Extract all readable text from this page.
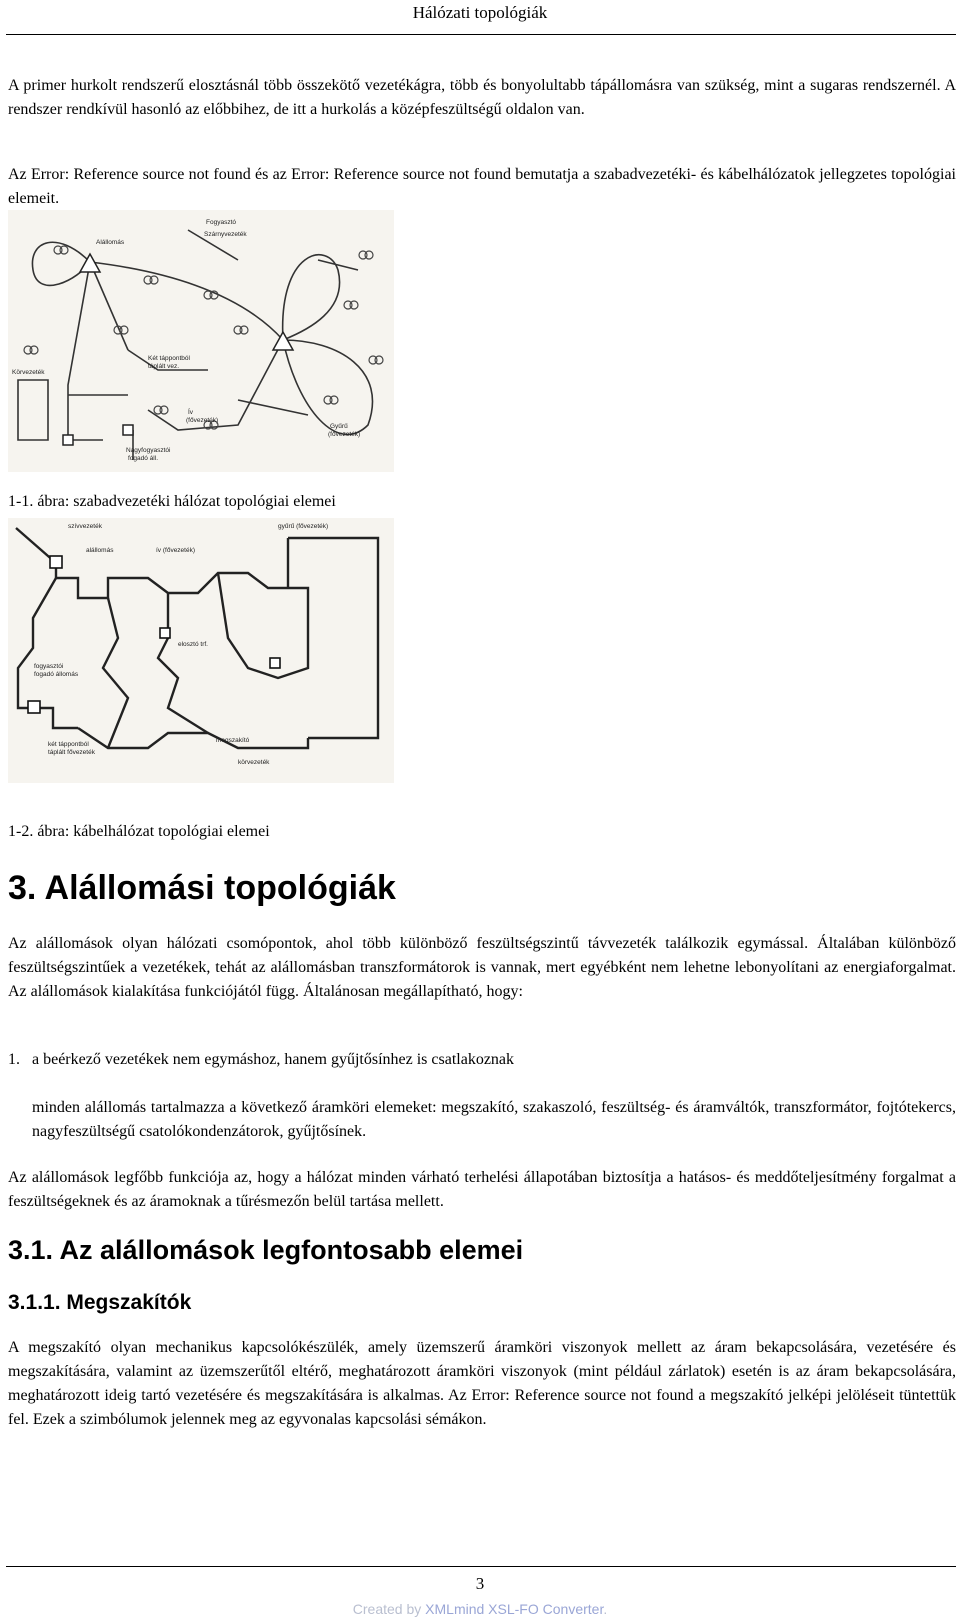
Hálózati topológiák

A primer hurkolt rendszerű elosztásnál több összekötő vezetékágra, több és bonyolultabb tápállomásra van szükség, mint a sugaras rendszernél. A rendszer rendkívül hasonló az előbbihez, de itt a hurkolás a középfeszültségű oldalon van.

Az Error: Reference source not found és az Error: Reference source not found bemutatja a szabadvezetéki- és kábelhálózatok jellegzetes topológiai elemeit.

Fogyasztó
Szárnyvezeték
Alállomás
Két táppontból
táplált vez.
Körvezeték
Ív
(fővezeték)
Gyűrű
(fővezeték)
Nagyfogyasztói
fogadó áll.

1-1. ábra: szabadvezetéki hálózat topológiai elemei

szívvezeték	gyűrű (fővezeték)
alállomás	ív (fővezeték)
elosztó trf.
fogyasztói
fogadó állomás
két táppontból
táplált fővezeték
megszakító
körvezeték

1-2. ábra: kábelhálózat topológiai elemei

3. Alállomási topológiák

Az alállomások olyan hálózati csomópontok, ahol több különböző feszültségszintű távvezeték találkozik egymással. Általában különböző feszültségszintűek a vezetékek, tehát az alállomásban transzformátorok is vannak, mert egyébként nem lehetne lebonyolítani az energiaforgalmat. Az alállomások kialakítása funkciójától függ. Általánosan megállapítható, hogy:

1. a beérkező vezetékek nem egymáshoz, hanem gyűjtősínhez is csatlakoznak

minden alállomás tartalmazza a következő áramköri elemeket: megszakító, szakaszoló, feszültség- és áramváltók, transzformátor, fojtótekercs, nagyfeszültségű csatolókondenzátorok, gyűjtősínek.

Az alállomások legfőbb funkciója az, hogy a hálózat minden várható terhelési állapotában biztosítja a hatásos- és meddőteljesítmény forgalmat a feszültségeknek és az áramoknak a tűrésmezőn belül tartása mellett.

3.1. Az alállomások legfontosabb elemei
3.1.1. Megszakítók

A megszakító olyan mechanikus kapcsolókészülék, amely üzemszerű áramköri viszonyok mellett az áram bekapcsolására, vezetésére és megszakítására, valamint az üzemszerűtől eltérő, meghatározott áramköri viszonyok (mint például zárlatok) esetén is az áram bekapcsolására, meghatározott ideig tartó vezetésére és megszakítására is alkalmas. Az Error: Reference source not found a megszakító jelképi jelöléseit tüntettük fel. Ezek a szimbólumok jelennek meg az egyvonalas kapcsolási sémákon.

3
Created by XMLmind XSL-FO Converter.
